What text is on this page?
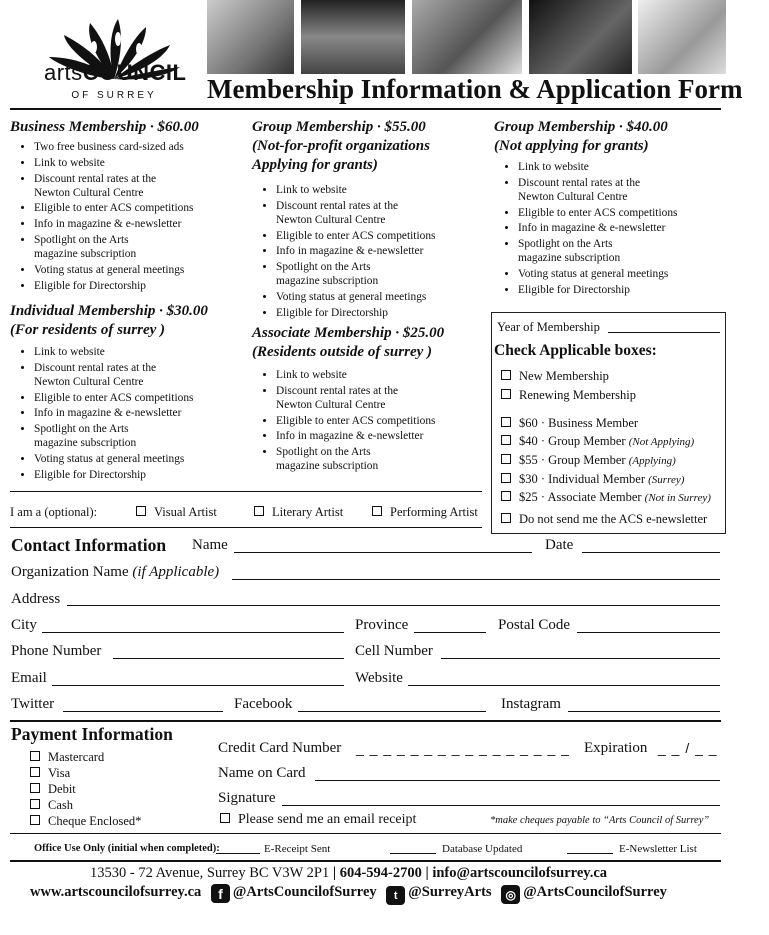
artsCOUNCIL
OF SURREY	Membership Information & Application Form
Business Membership · $60.00
• Two free business card-sized ads
• Link to website
• Discount rental rates at the Newton Cultural Centre
• Eligible to enter ACS competitions
• Info in magazine & e-newsletter
• Spotlight on the Arts magazine subscription
• Voting status at general meetings
• Eligible for Directorship
Individual Membership · $30.00
(For residents of surrey )
• Link to website
• Discount rental rates at the Newton Cultural Centre
• Eligible to enter ACS competitions
• Info in magazine & e-newsletter
• Spotlight on the Arts magazine subscription
• Voting status at general meetings
• Eligible for Directorship
Group Membership · $55.00
(Not-for-profit organizations Applying for grants)
• Link to website
• Discount rental rates at the Newton Cultural Centre
• Eligible to enter ACS competitions
• Info in magazine & e-newsletter
• Spotlight on the Arts magazine subscription
• Voting status at general meetings
• Eligible for Directorship
Associate Membership · $25.00
(Residents outside of surrey )
• Link to website
• Discount rental rates at the Newton Cultural Centre
• Eligible to enter ACS competitions
• Info in magazine & e-newsletter
• Spotlight on the Arts magazine subscription
Group Membership · $40.00
(Not applying for grants)
• Link to website
• Discount rental rates at the Newton Cultural Centre
• Eligible to enter ACS competitions
• Info in magazine & e-newsletter
• Spotlight on the Arts magazine subscription
• Voting status at general meetings
• Eligible for Directorship
Year of Membership
Check Applicable boxes:
New Membership
Renewing Membership
$60 · Business Member
$40 · Group Member (Not Applying)
$55 · Group Member (Applying)
$30 · Individual Member (Surrey)
$25 · Associate Member (Not in Surrey)
Do not send me the ACS e-newsletter
I am a (optional):	Visual Artist	Literary Artist	Performing Artist
Contact Information Name	Date
Organization Name (if Applicable)
Address
City	Province	Postal Code
Phone Number	Cell Number
Email	Website
Twitter	Facebook	Instagram
Payment Information
Mastercard
Visa
Debit
Cash
Cheque Enclosed*
Credit Card Number _ _ _ _ _ _ _ _ _ _ _ _ _ _ _ _ Expiration _ _ / _ _
Name on Card
Signature
Please send me an email receipt	*make cheques payable to “Arts Council of Surrey”
Office Use Only (initial when completed):	E-Receipt Sent	Database Updated	E-Newsletter List
13530 - 72 Avenue, Surrey BC V3W 2P1 | 604-594-2700 | info@artscouncilofsurrey.ca
www.artscouncilofsurrey.ca f @ArtsCouncilofSurrey t @SurreyArts ◎ @ArtsCouncilofSurrey
